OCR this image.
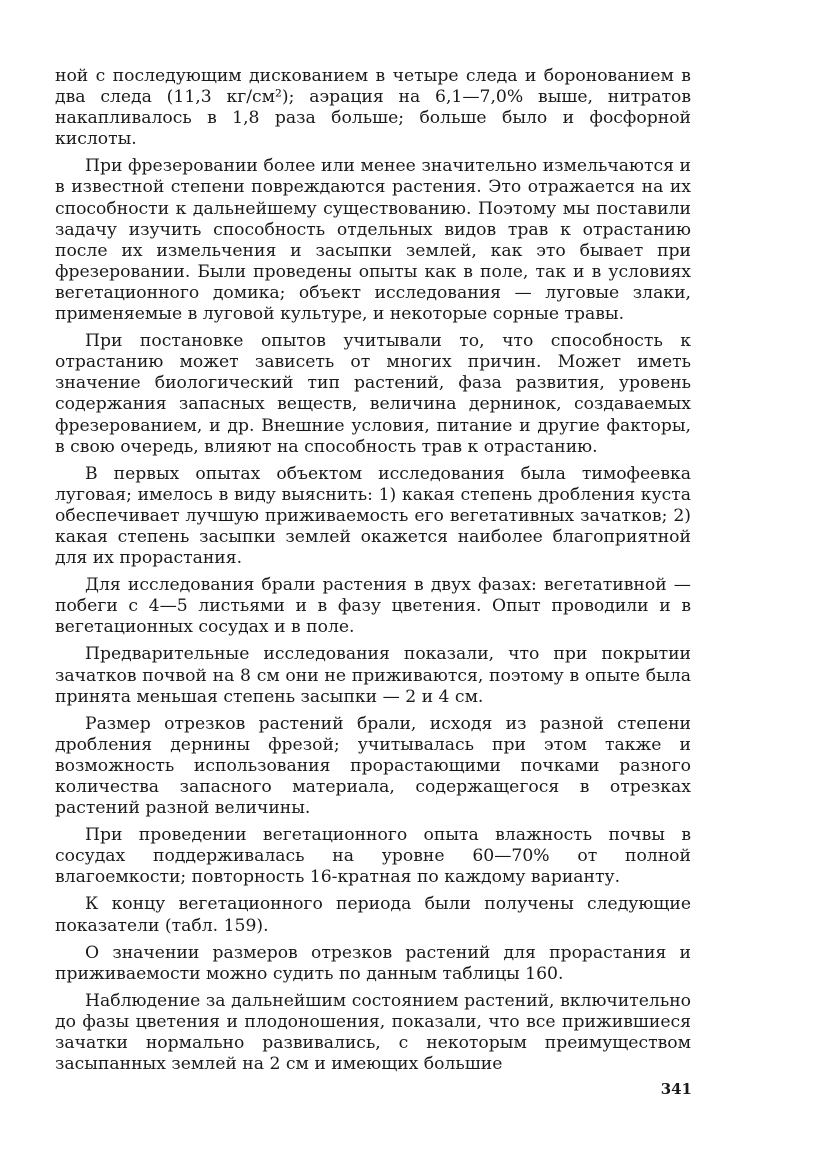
ной с последующим дискованием в четыре следа и боронованием в два следа (11,3 кг/см²); аэрация на 6,1—7,0% выше, нитратов накапливалось в 1,8 раза больше; больше было и фосфорной кислоты.

При фрезеровании более или менее значительно измельчаются и в известной степени повреждаются растения. Это отражается на их способности к дальнейшему существованию. Поэтому мы поставили задачу изучить способность отдельных видов трав к отрастанию после их измельчения и засыпки землей, как это бывает при фрезеровании. Были проведены опыты как в поле, так и в условиях вегетационного домика; объект исследования — луговые злаки, применяемые в луговой культуре, и некоторые сорные травы.

При постановке опытов учитывали то, что способность к отрастанию может зависеть от многих причин. Может иметь значение биологический тип растений, фаза развития, уровень содержания запасных веществ, величина дернинок, создаваемых фрезерованием, и др. Внешние условия, питание и другие факторы, в свою очередь, влияют на способность трав к отрастанию.

В первых опытах объектом исследования была тимофеевка луговая; имелось в виду выяснить: 1) какая степень дробления куста обеспечивает лучшую приживаемость его вегетативных зачатков; 2) какая степень засыпки землей окажется наиболее благоприятной для их прорастания.

Для исследования брали растения в двух фазах: вегетативной — побеги с 4—5 листьями и в фазу цветения. Опыт проводили и в вегетационных сосудах и в поле.

Предварительные исследования показали, что при покрытии зачатков почвой на 8 см они не приживаются, поэтому в опыте была принята меньшая степень засыпки — 2 и 4 см.

Размер отрезков растений брали, исходя из разной степени дробления дернины фрезой; учитывалась при этом также и возможность использования прорастающими почками разного количества запасного материала, содержащегося в отрезках растений разной величины.

При проведении вегетационного опыта влажность почвы в сосудах поддерживалась на уровне 60—70% от полной влагоемкости; повторность 16-кратная по каждому варианту.

К концу вегетационного периода были получены следующие показатели (табл. 159).

О значении размеров отрезков растений для прорастания и приживаемости можно судить по данным таблицы 160.

Наблюдение за дальнейшим состоянием растений, включительно до фазы цветения и плодоношения, показали, что все прижившиеся зачатки нормально развивались, с некоторым преимуществом засыпанных землей на 2 см и имеющих большие

341
